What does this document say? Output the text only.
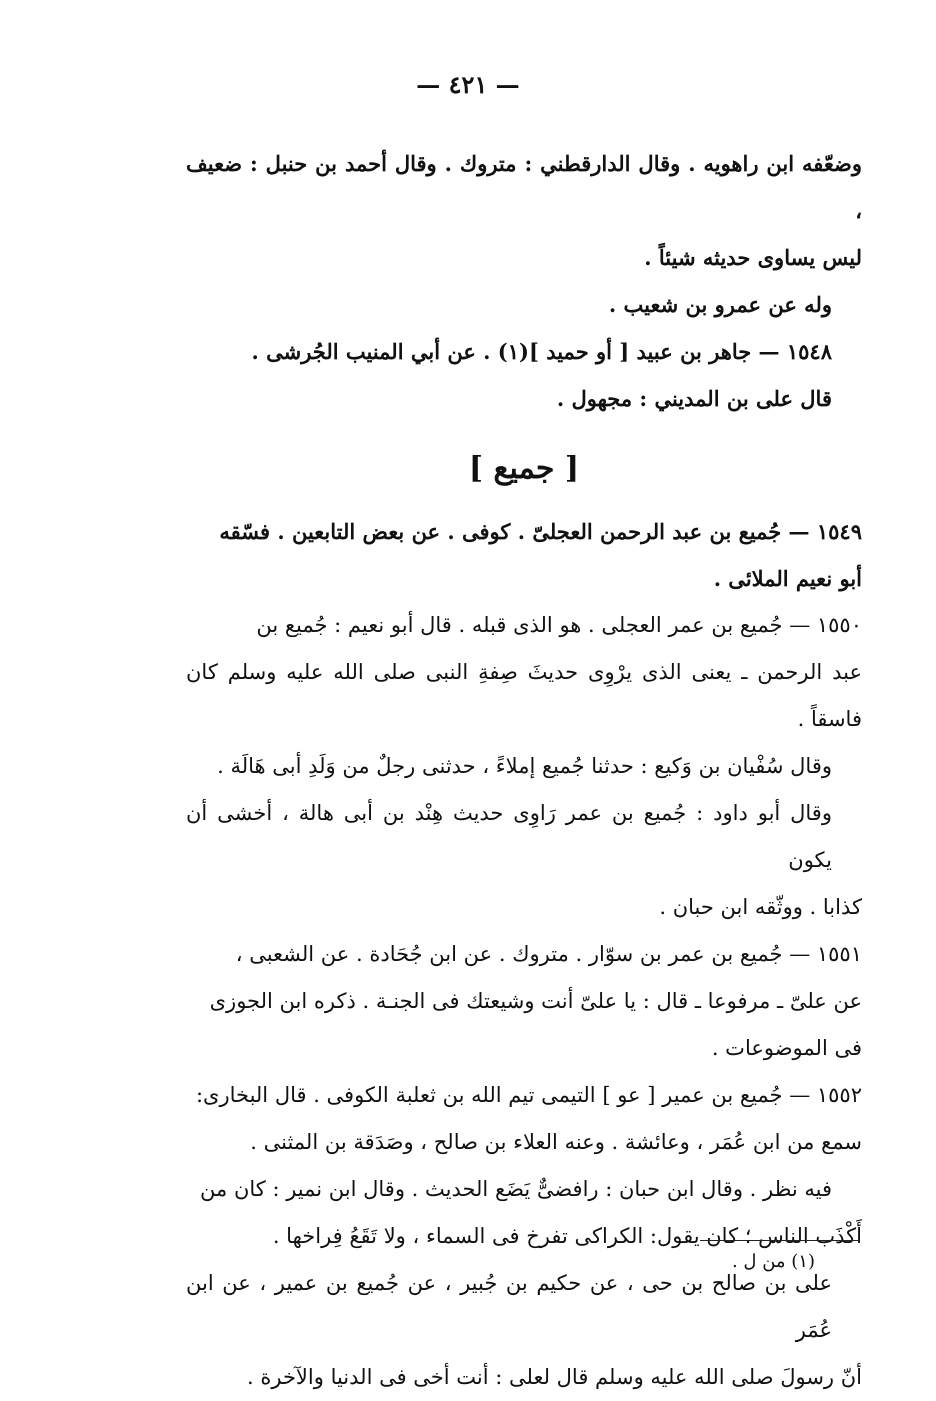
— ٤٢١ —
وضعّفه ابن راهويه . وقال الدارقطني : متروك . وقال أحمد بن حنبل : ضعيف ،
ليس يساوى حديثه شيئاً .
وله عن عمرو بن شعيب .
١٥٤٨ — جاهر بن عبيد [ أو حميد ](١) . عن أبي المنيب الجُرشى .
قال على بن المديني : مجهول .
[ جميع ]
١٥٤٩ — جُميع بن عبد الرحمن العجلىّ . كوفى . عن بعض التابعين . فسّقه
أبو نعيم الملائى .
١٥٥٠ — جُميع بن عمر العجلى . هو الذى قبله . قال أبو نعيم : جُميع بن
عبد الرحمن ـ يعنى الذى يرْوِى حديثَ صِفةِ النبى صلى الله عليه وسلم كان فاسقاً .
وقال سُفْيان بن وَكيع : حدثنا جُميع إملاءً ، حدثنى رجلٌ من وَلَدِ أبى هَالَة .
وقال أبو داود : جُميع بن عمر رَاوِى حديث هِنْد بن أبى هالة ، أخشى أن يكون
كذابا . ووثّقه ابن حبان .
١٥٥١ — جُميع بن عمر بن سوّار . متروك . عن ابن جُحَادة . عن الشعبى ،
عن علىّ ـ مرفوعا ـ قال : يا علىّ أنت وشيعتك فى الجنـة . ذكره ابن الجوزى
فى الموضوعات .
١٥٥٢ — جُميع بن عمير [ عو ] التيمى تيم الله بن ثعلبة الكوفى . قال البخارى:
سمع من ابن عُمَر ، وعائشة . وعنه العلاء بن صالح ، وصَدَقة بن المثنى .
فيه نظر . وقال ابن حبان : رافضىٌّ يَضَع الحديث . وقال ابن نمير : كان من
أَكْذَب الناس ؛ كان يقول: الكراكى تفرخ فى السماء ، ولا تَقَعُ فِراخها .
على بن صالح بن حى ، عن حكيم بن جُبير ، عن جُميع بن عمير ، عن ابن عُمَر
أنّ رسولَ صلى الله عليه وسلم قال لعلى : أنت أخى فى الدنيا والآخرة .
(١) من ل .
